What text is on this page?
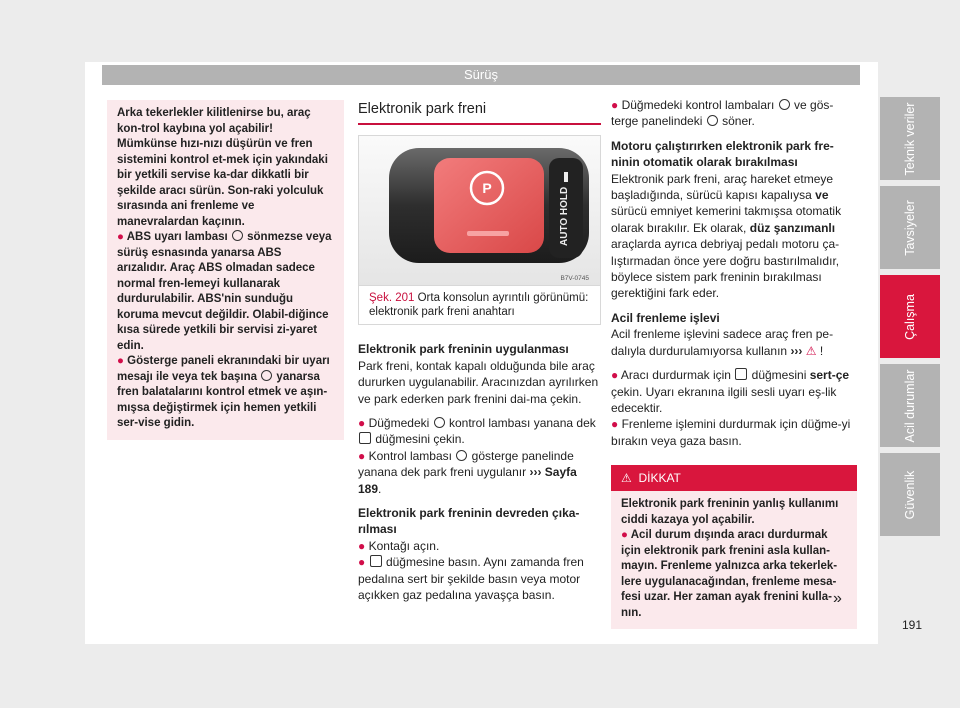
Sürüş

Arka tekerlekler kilitlenirse bu, araç kon-trol kaybına yol açabilir! Mümkünse hızı-nızı düşürün ve fren sistemini kontrol et-mek için yakındaki bir yetkili servise ka-dar dikkatli bir şekilde aracı sürün. Son-raki yolculuk sırasında ani frenleme ve manevralardan kaçının.

● ABS uyarı lambası sönmezse veya sürüş esnasında yanarsa ABS arızalıdır. Araç ABS olmadan sadece normal fren-lemeyi kullanarak durdurulabilir. ABS'nin sunduğu koruma mevcut değildir. Olabil-diğince kısa sürede yetkili bir servisi zi-yaret edin.

● Gösterge paneli ekranındaki bir uyarı mesajı ile veya tek başına yanarsa fren balatalarını kontrol etmek ve aşın-mışsa değiştirmek için hemen yetkili ser-vise gidin.

Elektronik park freni
P	AUTO HOLD
B7V-0745
Şek. 201 Orta konsolun ayrıntılı görünümü: elektronik park freni anahtarı

Elektronik park freninin uygulanması

Park freni, kontak kapalı olduğunda bile araç dururken uygulanabilir. Aracınızdan ayrılırken ve park ederken park frenini dai-ma çekin.

● Düğmedeki kontrol lambası yanana dek  düğmesini çekin.

● Kontrol lambası gösterge panelinde yanana dek park freni uygulanır ››› Sayfa 189.

Elektronik park freninin devreden çıka-rılması

● Kontağı açın.

● düğmesine basın. Aynı zamanda fren pedalına sert bir şekilde basın veya motor açıkken gaz pedalına yavaşça basın.

● Düğmedeki kontrol lambaları ve gös-terge panelindeki söner.

Motoru çalıştırırken elektronik park fre-ninin otomatik olarak bırakılması

Elektronik park freni, araç hareket etmeye başladığında, sürücü kapısı kapalıysa ve sürücü emniyet kemerini takmışsa otomatik olarak bırakılır. Ek olarak, düz şanzımanlı araçlarda ayrıca debriyaj pedalı motoru ça-lıştırmadan önce yere doğru bastırılmalıdır, böylece sistem park freninin bırakılması gerektiğini fark eder.

Acil frenleme işlevi

Acil frenleme işlevini sadece araç fren pe-dalıyla durdurulamıyorsa kullanın ››› ⚠ !

● Aracı durdurmak için düğmesini sert-çe çekin. Uyarı ekranına ilgili sesli uyarı eş-lik edecektir.

● Frenleme işlemini durdurmak için düğme-yi bırakın veya gaza basın.

⚠ DİKKAT

Elektronik park freninin yanlış kullanımı ciddi kazaya yol açabilir.

● Acil durum dışında aracı durdurmak için elektronik park frenini asla kullan-mayın. Frenleme yalnızca arka tekerlek-lere uygulanacağından, frenleme mesa-fesi uzar. Her zaman ayak frenini kulla-nın.

»
Teknik veriler
Tavsiyeler
Çalışma
Acil durumlar
Güvenlik
191
